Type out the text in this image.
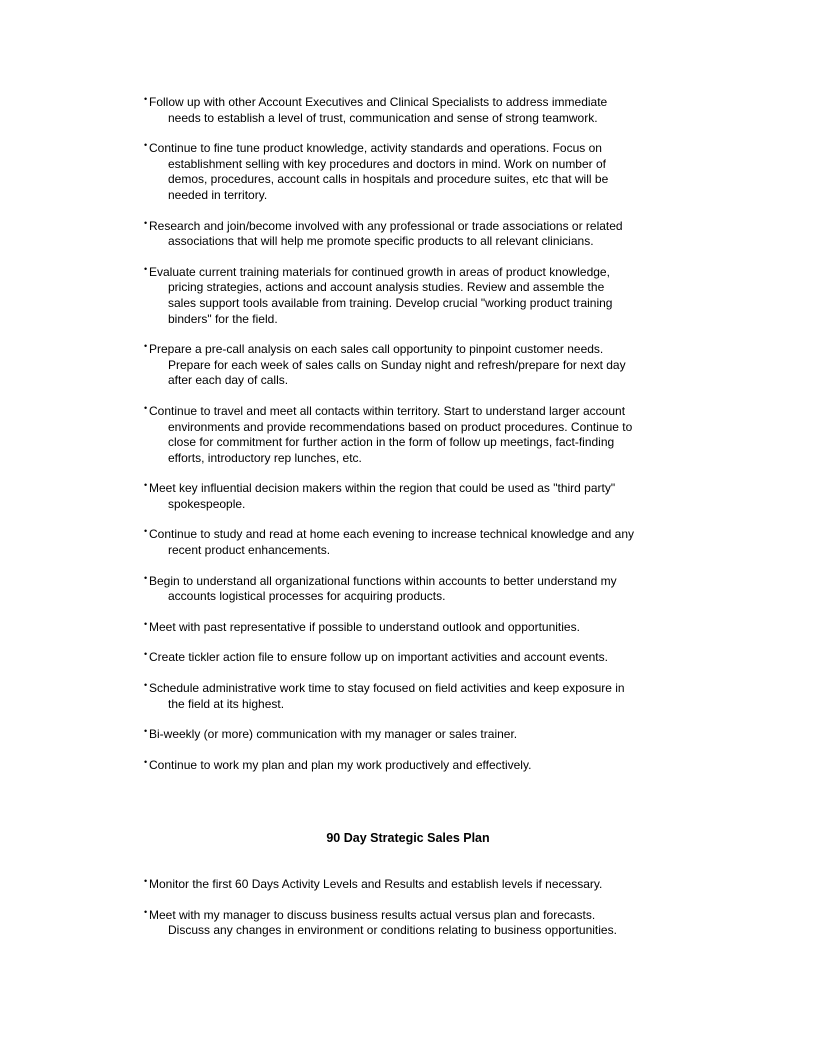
• Follow up with other Account Executives and Clinical Specialists to address immediate
needs to establish a level of trust, communication and sense of strong teamwork.
• Continue to fine tune product knowledge, activity standards and operations. Focus on
establishment selling with key procedures and doctors in mind. Work on number of
demos, procedures, account calls in hospitals and procedure suites, etc that will be
needed in territory.
• Research and join/become involved with any professional or trade associations or related
associations that will help me promote specific products to all relevant clinicians.
• Evaluate current training materials for continued growth in areas of product knowledge,
pricing strategies, actions and account analysis studies. Review and assemble the
sales support tools available from training. Develop crucial "working product training
binders" for the field.
• Prepare a pre-call analysis on each sales call opportunity to pinpoint customer needs.
Prepare for each week of sales calls on Sunday night and refresh/prepare for next day
after each day of calls.
• Continue to travel and meet all contacts within territory. Start to understand larger account
environments and provide recommendations based on product procedures. Continue to
close for commitment for further action in the form of follow up meetings, fact-finding
efforts, introductory rep lunches, etc.
• Meet key influential decision makers within the region that could be used as "third party"
spokespeople.
• Continue to study and read at home each evening to increase technical knowledge and any
recent product enhancements.
• Begin to understand all organizational functions within accounts to better understand my
accounts logistical processes for acquiring products.
• Meet with past representative if possible to understand outlook and opportunities.
• Create tickler action file to ensure follow up on important activities and account events.
• Schedule administrative work time to stay focused on field activities and keep exposure in
the field at its highest.
• Bi-weekly (or more) communication with my manager or sales trainer.
• Continue to work my plan and plan my work productively and effectively.
90 Day Strategic Sales Plan
• Monitor the first 60 Days Activity Levels and Results and establish levels if necessary.
• Meet with my manager to discuss business results actual versus plan and forecasts.
Discuss any changes in environment or conditions relating to business opportunities.
